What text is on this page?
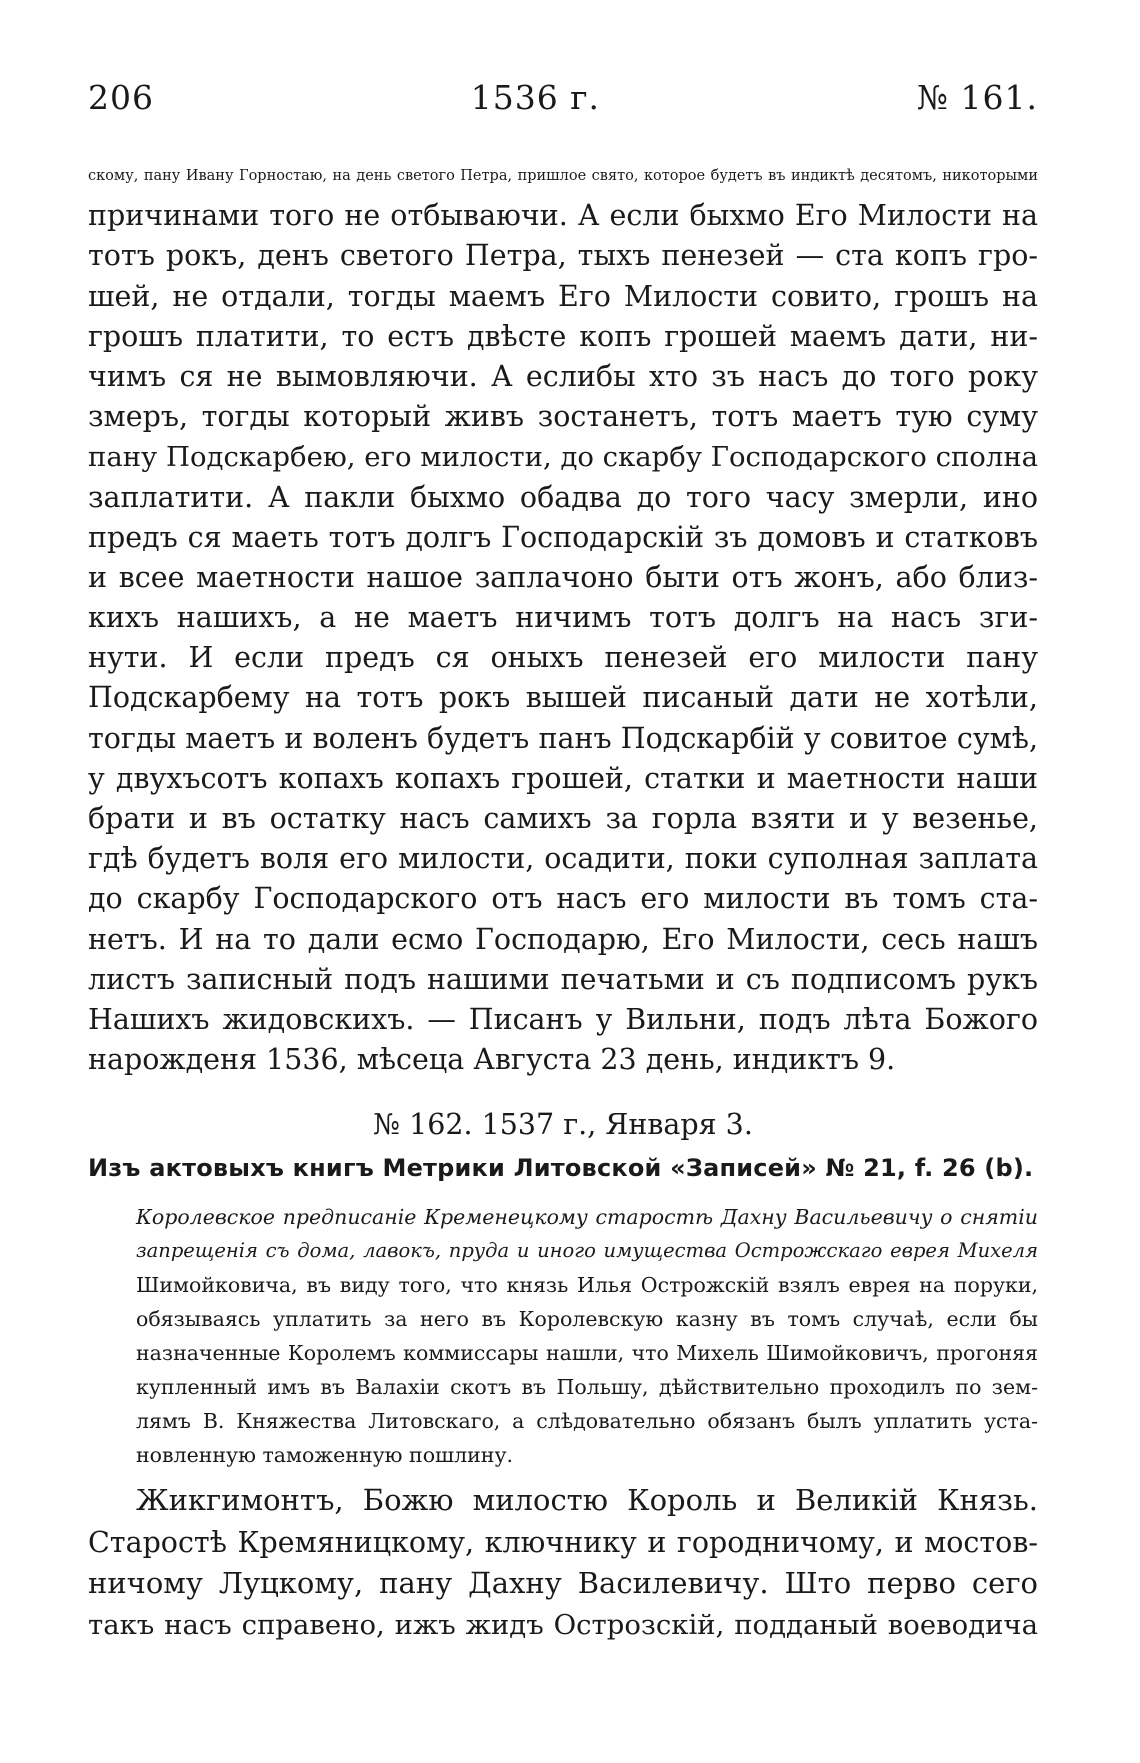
206	1536 г.	№ 161.
скому, пану Ивану Горностаю, на день светого Петра, пришлое свято, которое будетъ въ индиктѣ десятомъ, никоторыми
причинами того не отбываючи. А если быхмо Его Милости на
тотъ рокъ, денъ светого Петра, тыхъ пенезей — ста копъ гро-
шей, не отдали, тогды маемъ Его Милости совито, грошъ на
грошъ платити, то естъ двѣсте копъ грошей маемъ дати, ни-
чимъ ся не вымовляючи. А еслибы хто зъ насъ до того року
змеръ, тогды который живъ зостанетъ, тотъ маетъ тую суму
пану Подскарбею, его милости, до скарбу Господарского сполна
заплатити. А пакли быхмо обадва до того часу змерли, ино
предъ ся маеть тотъ долгъ Господарскій зъ домовъ и статковъ
и всее маетности нашое заплачоно быти отъ жонъ, або близ-
кихъ нашихъ, а не маетъ ничимъ тотъ долгъ на насъ зги-
нути. И если предъ ся оныхъ пенезей его милости пану
Подскарбему на тотъ рокъ вышей писаный дати не хотѣли,
тогды маетъ и воленъ будетъ панъ Подскарбій у совитое сумѣ,
у двухъсотъ копахъ копахъ грошей, статки и маетности наши
брати и въ остатку насъ самихъ за горла взяти и у везенье,
гдѣ будетъ воля его милости, осадити, поки суполная заплата
до скарбу Господарского отъ насъ его милости въ томъ ста-
нетъ. И на то дали есмо Господарю, Его Милости, сесь нашъ
листъ записный подъ нашими печатьми и съ подписомъ рукъ
Нашихъ жидовскихъ. — Писанъ у Вильни, подъ лѣта Божого
нарожденя 1536, мѣсеца Августа 23 день, индиктъ 9.
№ 162. 1537 г., Января 3.
Изъ актовыхъ книгъ Метрики Литовской «Записей» № 21, f. 26 (b).
Королевское предписаніе Кременецкому старостѣ Дахну Васильевичу о снятіи
запрещенія съ дома, лавокъ, пруда и иного имущества Острожскаго еврея Михеля
Шимойковича, въ виду того, что князь Илья Острожскій взялъ еврея на поруки,
обязываясь уплатить за него въ Королевскую казну въ томъ случаѣ, если бы
назначенные Королемъ коммиссары нашли, что Михель Шимойковичъ, прогоняя
купленный имъ въ Валахіи скотъ въ Польшу, дѣйствительно проходилъ по зем-
лямъ В. Княжества Литовскаго, а слѣдовательно обязанъ былъ уплатить уста-
новленную таможенную пошлину.
Жикгимонтъ, Божю милостю Король и Великій Князь.
Старостѣ Кремяницкому, ключнику и городничому, и мостов-
ничому Луцкому, пану Дахну Василевичу. Што перво сего
такъ насъ справено, ижъ жидъ Острозскій, подданый воеводича
